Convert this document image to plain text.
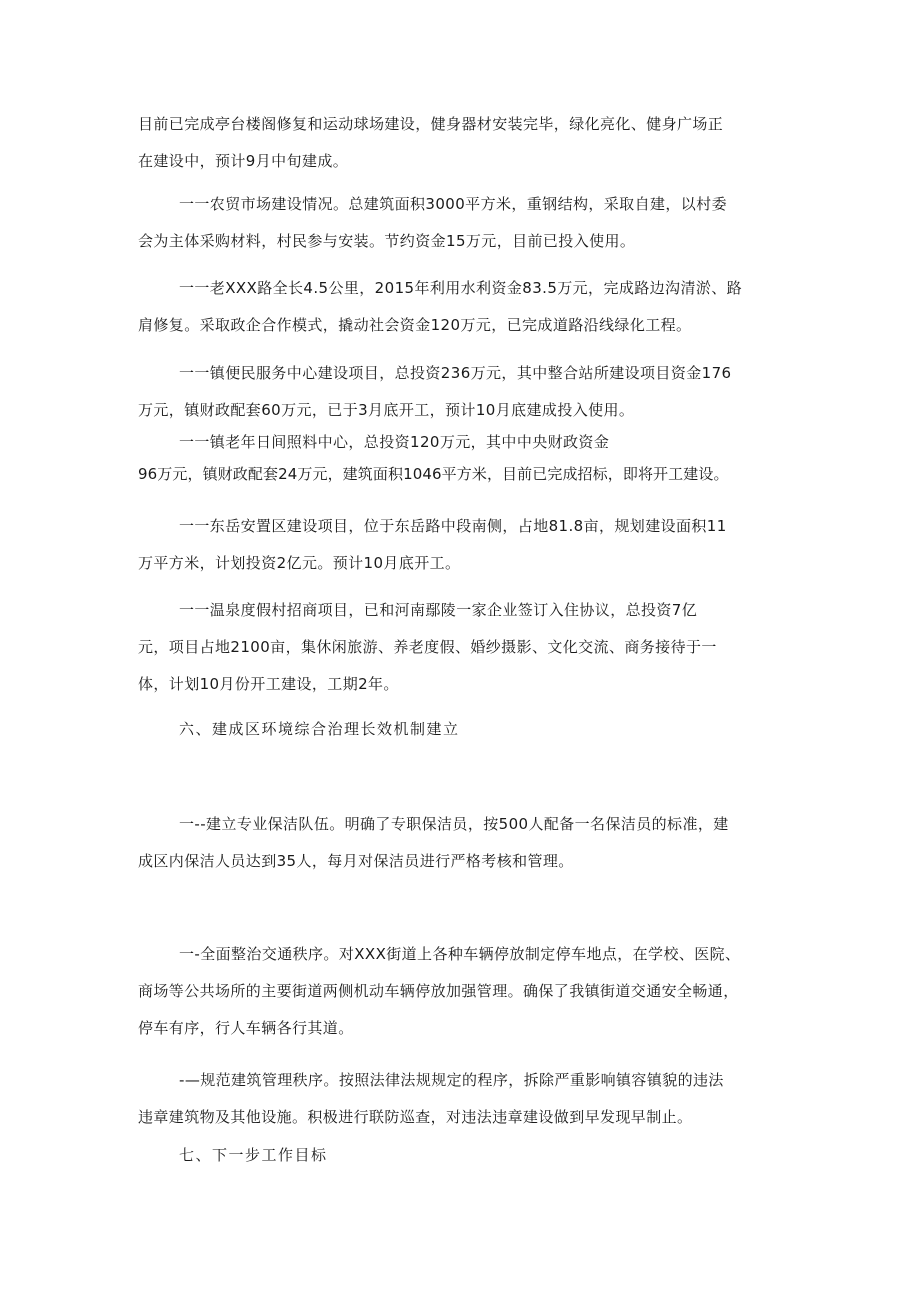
目前已完成亭台楼阁修复和运动球场建设，健身器材安装完毕，绿化亮化、健身广场正
在建设中，预计9月中旬建成。

一一农贸市场建设情况。总建筑面积3000平方米，重钢结构，采取自建，以村委
会为主体采购材料，村民参与安装。节约资金15万元，目前已投入使用。

一一老XXX路全长4.5公里，2015年利用水利资金83.5万元，完成路边沟清淤、路
肩修复。采取政企合作模式，撬动社会资金120万元，已完成道路沿线绿化工程。

一一镇便民服务中心建设项目，总投资236万元，其中整合站所建设项目资金176
万元，镇财政配套60万元，已于3月底开工，预计10月底建成投入使用。

一一镇老年日间照料中心，总投资120万元，其中中央财政资金
96万元，镇财政配套24万元，建筑面积1046平方米，目前已完成招标，即将开工建设。

一一东岳安置区建设项目，位于东岳路中段南侧，占地81.8亩，规划建设面积11
万平方米，计划投资2亿元。预计10月底开工。

一一温泉度假村招商项目，已和河南鄢陵一家企业签订入住协议，总投资7亿
元，项目占地2100亩，集休闲旅游、养老度假、婚纱摄影、文化交流、商务接待于一
体，计划10月份开工建设，工期2年。

六、建成区环境综合治理长效机制建立

一--建立专业保洁队伍。明确了专职保洁员，按500人配备一名保洁员的标准，建
成区内保洁人员达到35人，每月对保洁员进行严格考核和管理。

一-全面整治交通秩序。对XXX街道上各种车辆停放制定停车地点，在学校、医院、
商场等公共场所的主要街道两侧机动车辆停放加强管理。确保了我镇街道交通安全畅通，
停车有序，行人车辆各行其道。

-—规范建筑管理秩序。按照法律法规规定的程序，拆除严重影响镇容镇貌的违法
违章建筑物及其他设施。积极进行联防巡查，对违法违章建设做到早发现早制止。

七、下一步工作目标
